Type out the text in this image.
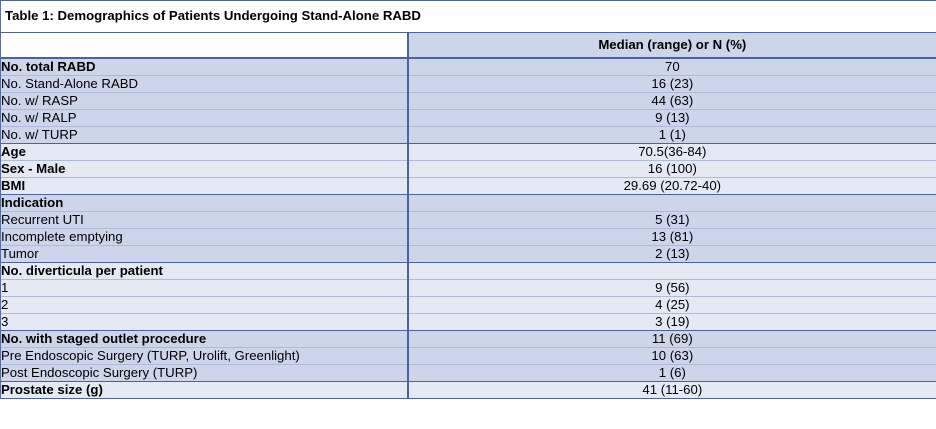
Table 1: Demographics of Patients Undergoing Stand-Alone RABD	
	Median (range) or N (%)
No. total RABD	70
No. Stand-Alone RABD	16 (23)
No. w/ RASP	44 (63)
No. w/ RALP	9 (13)
No. w/ TURP	1 (1)
Age	70.5(36-84)
Sex - Male	16 (100)
BMI	29.69 (20.72-40)
Indication	
Recurrent UTI	5 (31)
Incomplete emptying	13 (81)
Tumor	2 (13)
No. diverticula per patient	
1	9 (56)
2	4 (25)
3	3 (19)
No. with staged outlet procedure	11 (69)
Pre Endoscopic Surgery (TURP, Urolift, Greenlight)	10 (63)
Post Endoscopic Surgery (TURP)	1 (6)
Prostate size (g)	41 (11-60)
